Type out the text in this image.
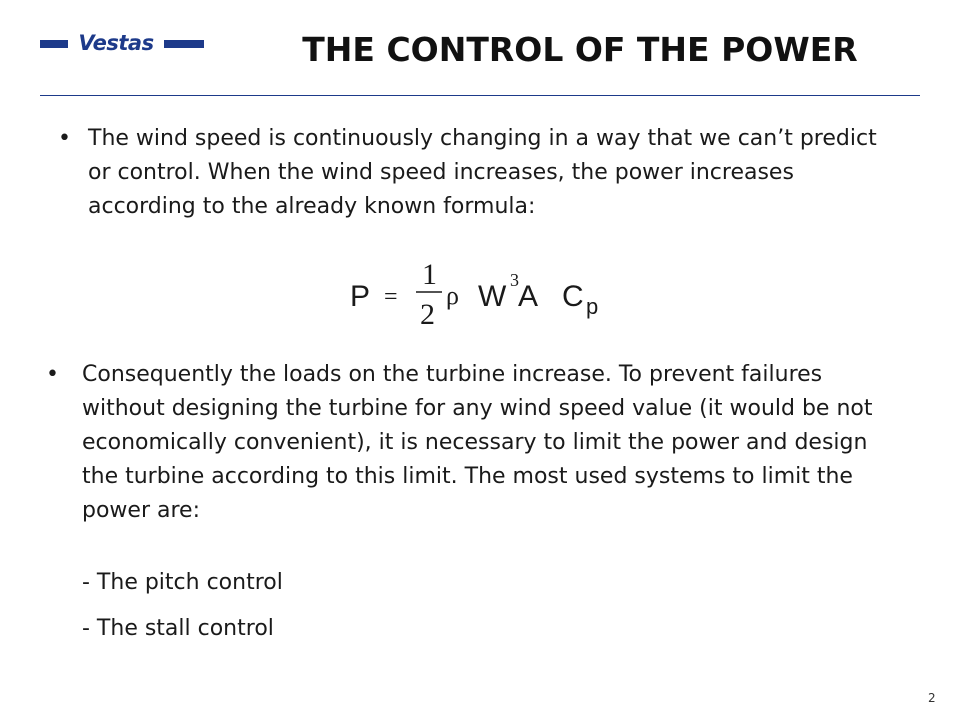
Vestas	THE CONTROL OF THE POWER
• The wind speed is continuously changing in a way that we can’t predict or control. When the wind speed increases, the power increases according to the already known formula:

P =
1
2
ρ
3
W A C p
•	Consequently the loads on the turbine increase. To prevent failures without designing the turbine for any wind speed value (it would be not economically convenient), it is necessary to limit the power and design the turbine according to this limit. The most used systems to limit the power are:

- The pitch control
- The stall control
2
